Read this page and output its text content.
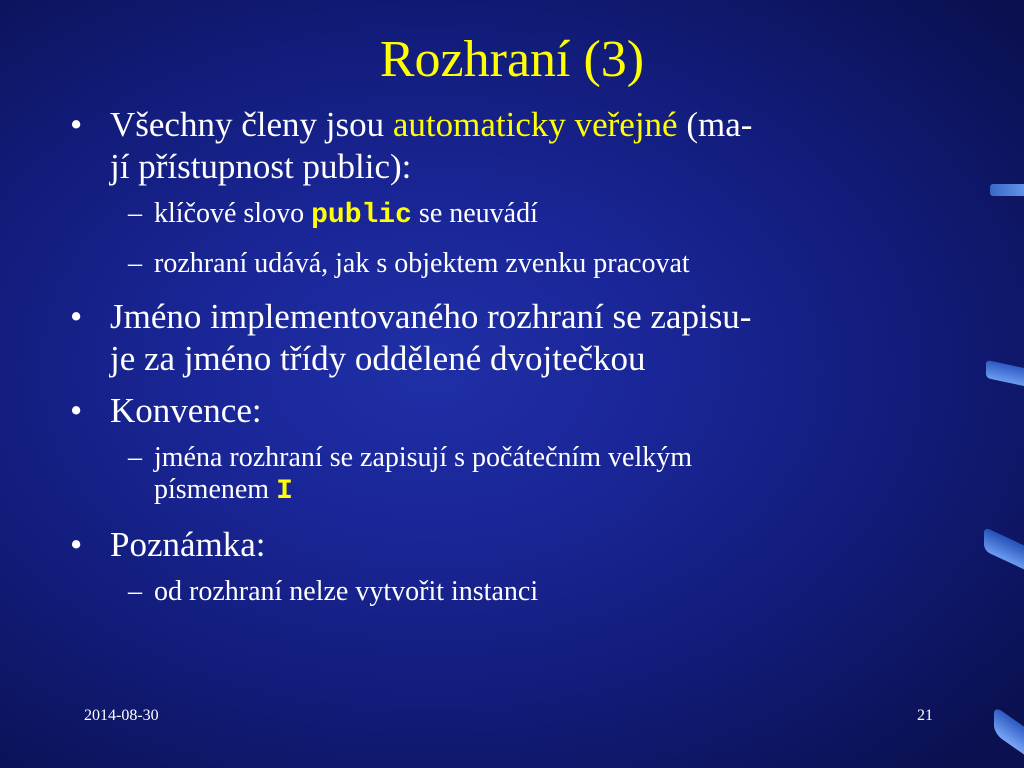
Rozhraní (3)
• Všechny členy jsou automaticky veřejné (ma-
jí přístupnost public):
– klíčové slovo public se neuvádí
– rozhraní udává, jak s objektem zvenku pracovat
• Jméno implementovaného rozhraní se zapisu-
je za jméno třídy oddělené dvojtečkou
• Konvence:
– jména rozhraní se zapisují s počátečním velkým
písmenem I
• Poznámka:
– od rozhraní nelze vytvořit instanci
2014-08-30	21
